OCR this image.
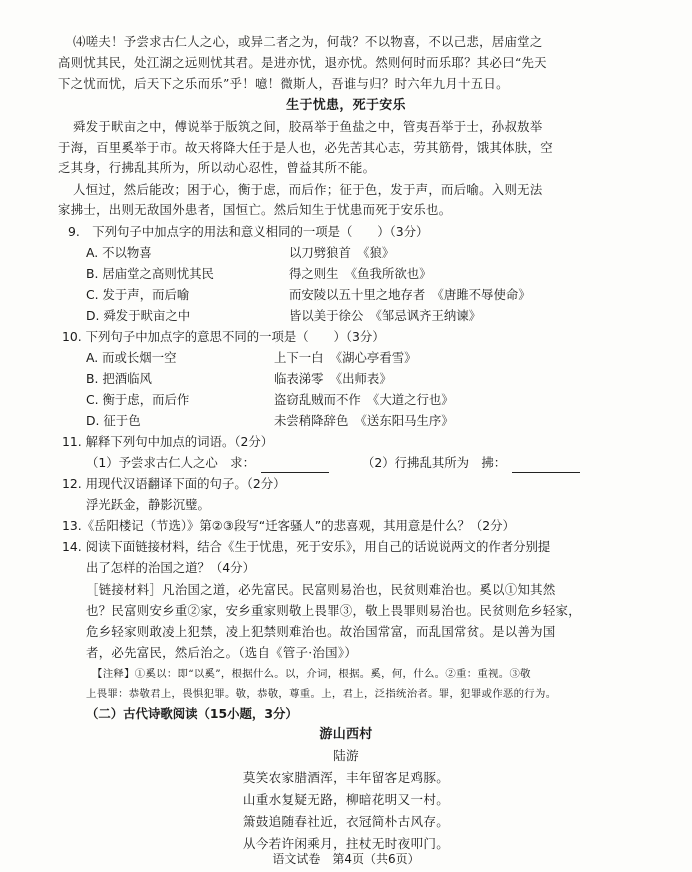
⑷嗟夫！予尝求古仁人之心，或异二者之为，何哉？不以物喜，不以己悲，居庙堂之
高则忧其民，处江湖之远则忧其君。是进亦忧，退亦忧。然则何时而乐耶？其必曰“先天
下之忧而忧，后天下之乐而乐”乎！噫！微斯人，吾谁与归？时六年九月十五日。
生于忧患，死于安乐
舜发于畎亩之中，傅说举于版筑之间，胶鬲举于鱼盐之中，管夷吾举于士，孙叔敖举
于海，百里奚举于市。故天将降大任于是人也，必先苦其心志，劳其筋骨，饿其体肤，空
乏其身，行拂乱其所为，所以动心忍性，曾益其所不能。
人恒过，然后能改；困于心，衡于虑，而后作；征于色，发于声，而后喻。入则无法
家拂士，出则无敌国外患者，国恒亡。然后知生于忧患而死于安乐也。
9.　下列句子中加点字的用法和意义相同的一项是（　　）（3分）
A. 不以物喜	以刀劈狼首　《狼》
B. 居庙堂之高则忧其民	得之则生　《鱼我所欲也》
C. 发于声，而后喻	而安陵以五十里之地存者　《唐雎不辱使命》
D. 舜发于畎亩之中	皆以美于徐公　《邹忌讽齐王纳谏》
10. 下列句子中加点字的意思不同的一项是（　　）（3分）
A. 而或长烟一空	上下一白　《湖心亭看雪》
B. 把酒临风	临表涕零　《出师表》
C. 衡于虑，而后作	盗窃乱贼而不作　《大道之行也》
D. 征于色	未尝稍降辞色　《送东阳马生序》
11. 解释下列句中加点的词语。（2分）
（1）予尝求古仁人之心　求：	（2）行拂乱其所为　拂：
12. 用现代汉语翻译下面的句子。（2分）
浮光跃金，静影沉璧。
13.《岳阳楼记（节选）》第②③段写“迁客骚人”的悲喜观，其用意是什么？（2分）
14. 阅读下面链接材料，结合《生于忧患，死于安乐》，用自己的话说说两文的作者分别提
出了怎样的治国之道？（4分）
［链接材料］凡治国之道，必先富民。民富则易治也，民贫则难治也。奚以①知其然
也？民富则安乡重②家，安乡重家则敬上畏罪③，敬上畏罪则易治也。民贫则危乡轻家，
危乡轻家则敢凌上犯禁，凌上犯禁则难治也。故治国常富，而乱国常贫。是以善为国
者，必先富民，然后治之。（选自《管子·治国》）
【注释】①奚以：即“以奚”，根据什么。以，介词，根据。奚，何，什么。②重：重视。③敬
上畏罪：恭敬君上，畏惧犯罪。敬，恭敬，尊重。上，君上，泛指统治者。罪，犯罪或作恶的行为。
（二）古代诗歌阅读（15小题，3分）
游山西村
陆游
莫笑农家腊酒浑，丰年留客足鸡豚。
山重水复疑无路，柳暗花明又一村。
箫鼓追随春社近，衣冠简朴古风存。
从今若许闲乘月，拄杖无时夜叩门。
语文试卷　第4页（共6页）
